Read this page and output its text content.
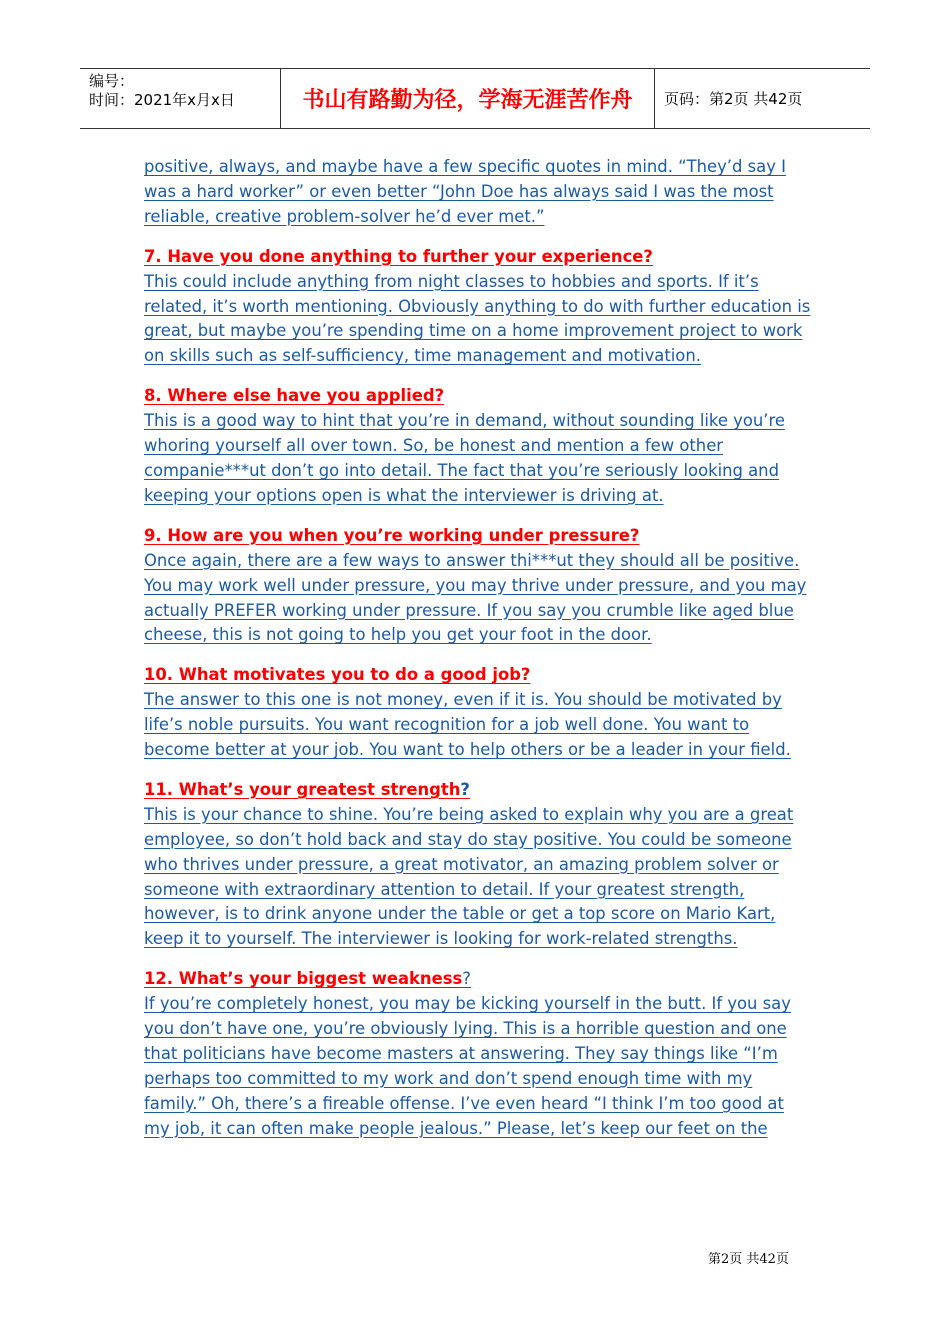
编号：
时间：2021年x月x日	书山有路勤为径，学海无涯苦作舟 页码：第2页 共42页

positive, always, and maybe have a few specific quotes in mind. “They’d say I was a hard worker” or even better “John Doe has always said I was the most reliable, creative problem-solver he’d ever met.”

7. Have you done anything to further your experience?

This could include anything from night classes to hobbies and sports. If it’s related, it’s worth mentioning. Obviously anything to do with further education is great, but maybe you’re spending time on a home improvement project to work on skills such as self-sufficiency, time management and motivation.

8. Where else have you applied?

This is a good way to hint that you’re in demand, without sounding like you’re whoring yourself all over town. So, be honest and mention a few other companie***ut don’t go into detail. The fact that you’re seriously looking and keeping your options open is what the interviewer is driving at.

9. How are you when you’re working under pressure?

Once again, there are a few ways to answer thi***ut they should all be positive. You may work well under pressure, you may thrive under pressure, and you may actually PREFER working under pressure. If you say you crumble like aged blue cheese, this is not going to help you get your foot in the door.

10. What motivates you to do a good job?

The answer to this one is not money, even if it is. You should be motivated by life’s noble pursuits. You want recognition for a job well done. You want to become better at your job. You want to help others or be a leader in your field.

11. What’s your greatest strength?

This is your chance to shine. You’re being asked to explain why you are a great employee, so don’t hold back and stay do stay positive. You could be someone who thrives under pressure, a great motivator, an amazing problem solver or someone with extraordinary attention to detail. If your greatest strength, however, is to drink anyone under the table or get a top score on Mario Kart, keep it to yourself. The interviewer is looking for work-related strengths.

12. What’s your biggest weakness?

If you’re completely honest, you may be kicking yourself in the butt. If you say you don’t have one, you’re obviously lying. This is a horrible question and one that politicians have become masters at answering. They say things like “I’m perhaps too committed to my work and don’t spend enough time with my family.” Oh, there’s a fireable offense. I’ve even heard “I think I’m too good at my job, it can often make people jealous.” Please, let’s keep our feet on the

第2页 共42页
